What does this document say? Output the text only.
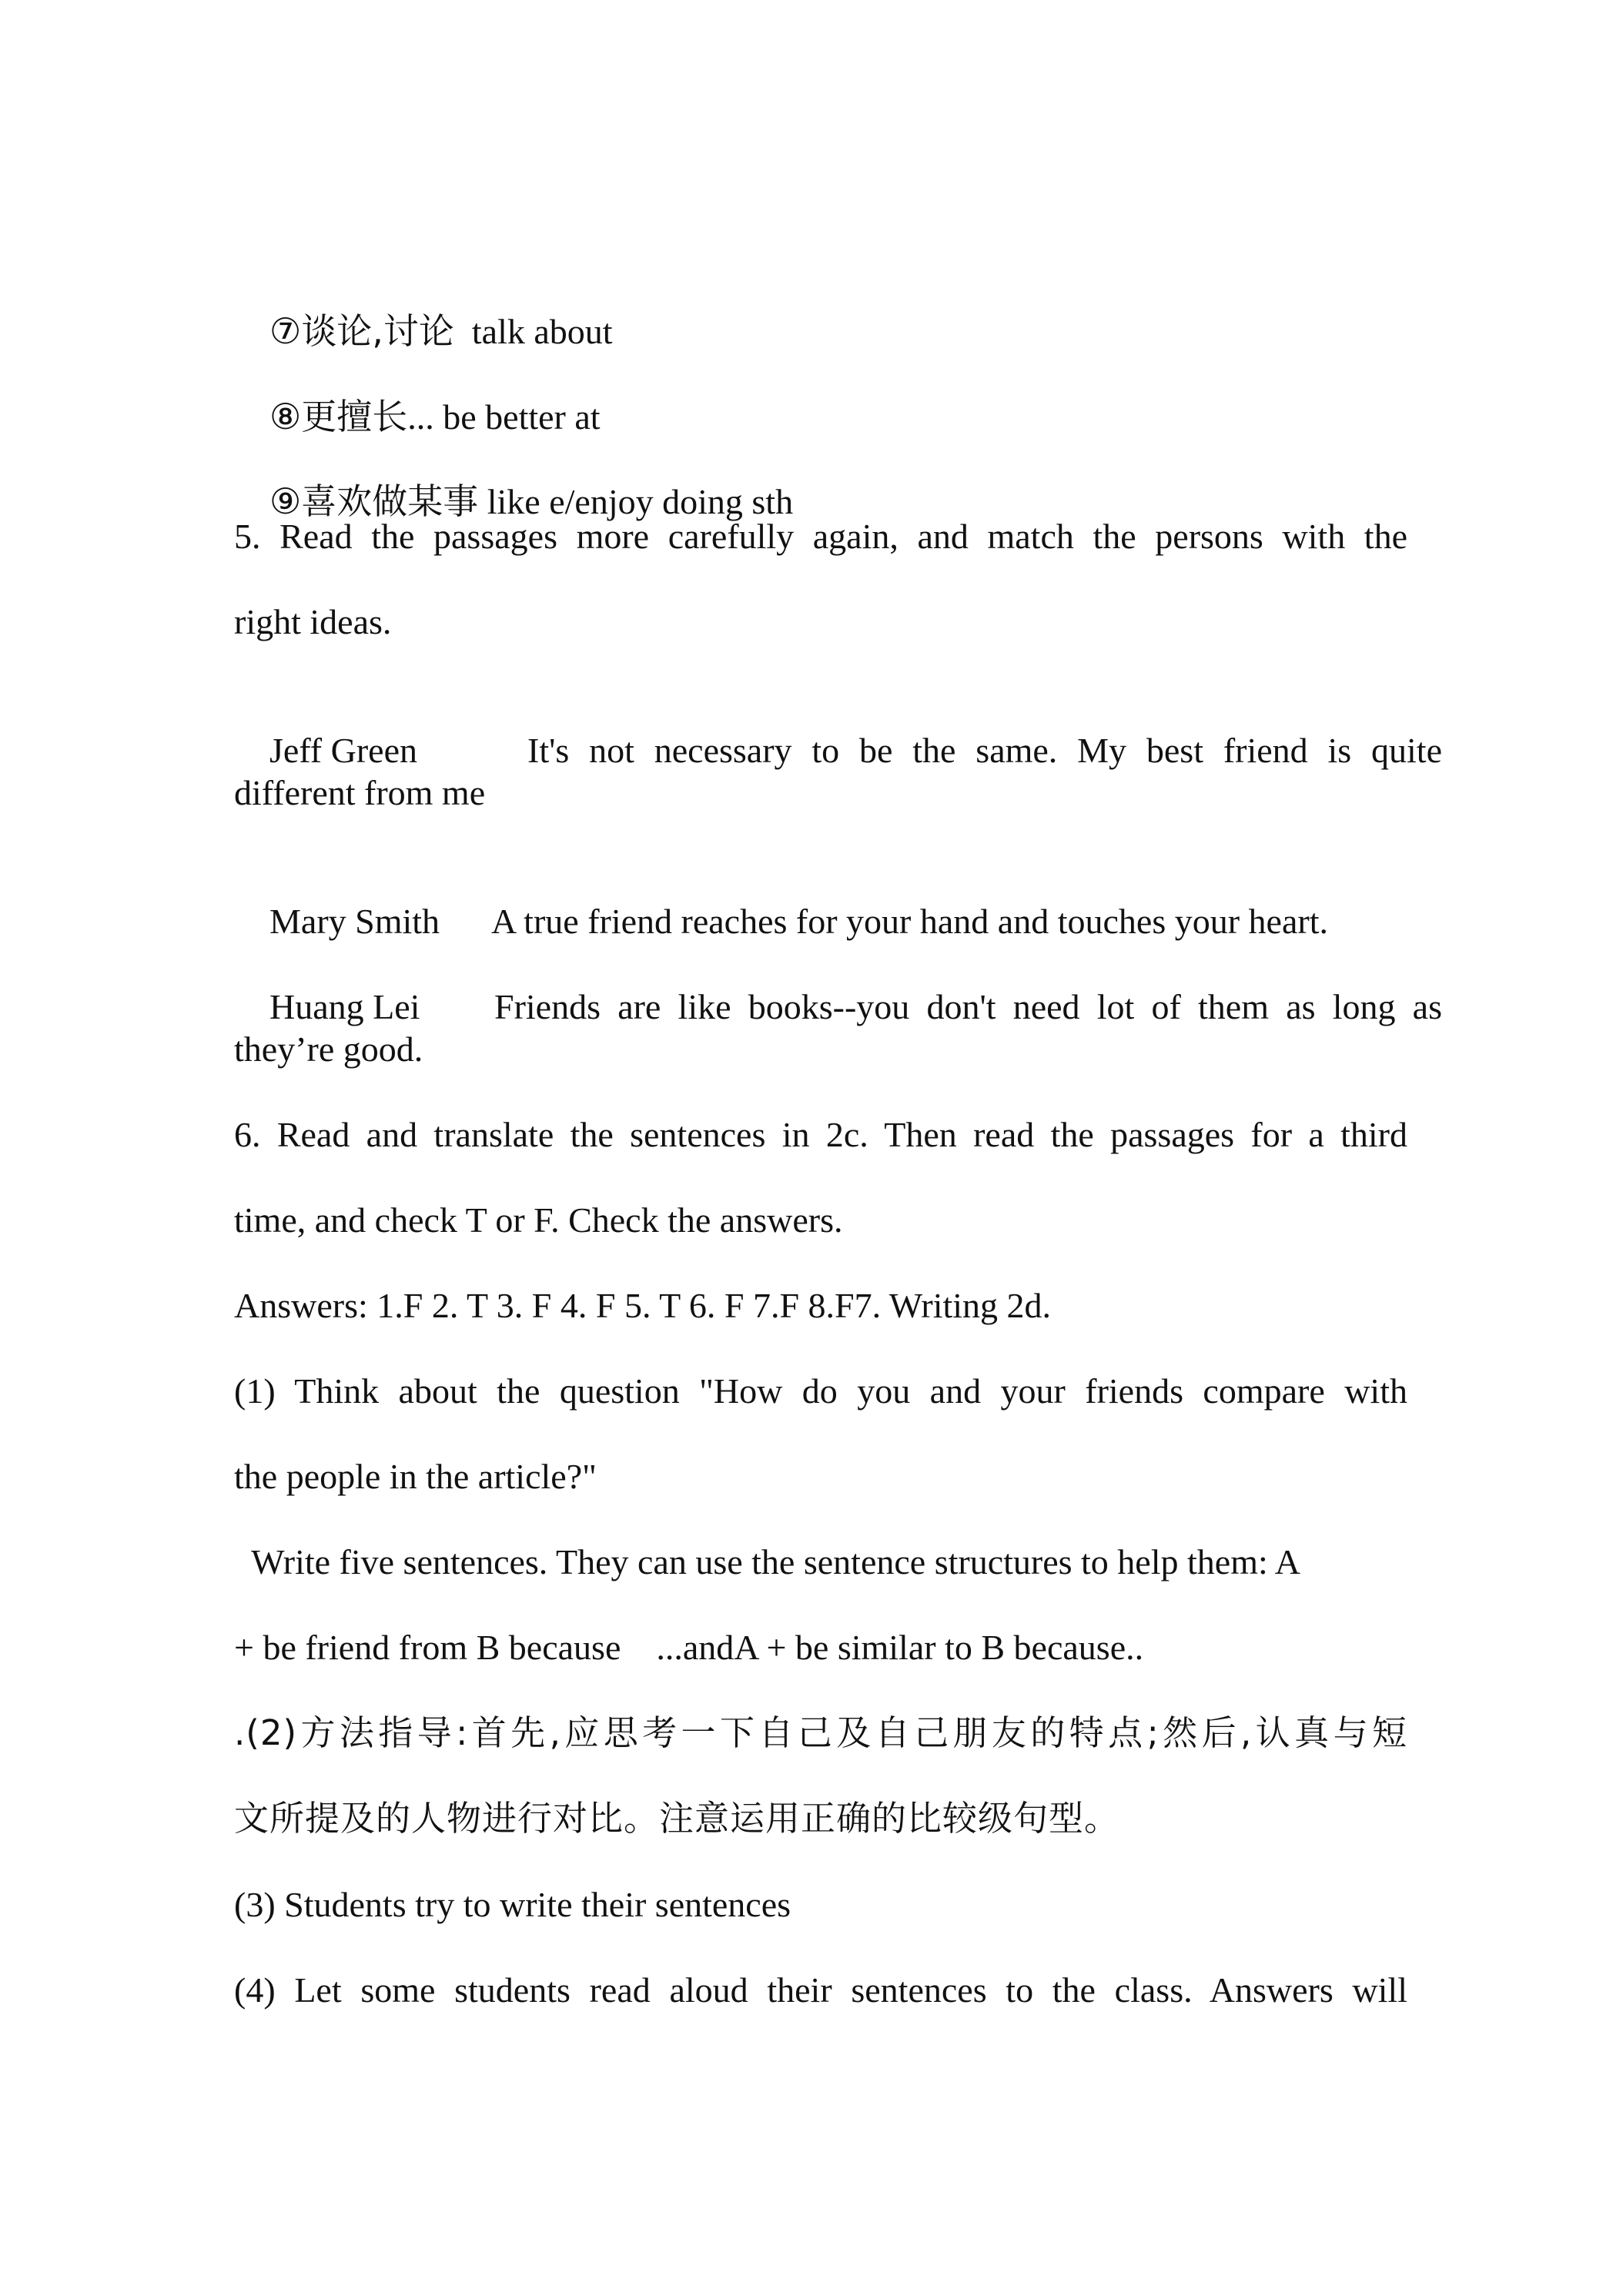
⑦谈论,讨论  talk about

⑧更擅长... be better at

⑨喜欢做某事 like e/enjoy doing sth

5. Read the passages more carefully again, and match the persons with the
right ideas.

Jeff Green	It's not necessary to be the same. My best friend is quite

different from me

Mary Smith A true friend reaches for your hand and touches your heart.

Huang Lei Friends are like books--you don't need lot of them as long as

they’re good.
6. Read and translate the sentences in 2c. Then read the passages for a third
time, and check T or F. Check the answers.
Answers: 1.F 2. T 3. F 4. F 5. T 6. F 7.F 8.F7. Writing 2d.
(1) Think about the question "How do you and your friends compare with
the people in the article?"
Write five sentences. They can use the sentence structures to help them: A
+ be friend from B because    ...andA + be similar to B because..
.(2)方法指导:首先,应思考一下自己及自己朋友的特点;然后,认真与短
文所提及的人物进行对比。注意运用正确的比较级句型。
(3) Students try to write their sentences
(4) Let some students read aloud their sentences to the class. Answers will
